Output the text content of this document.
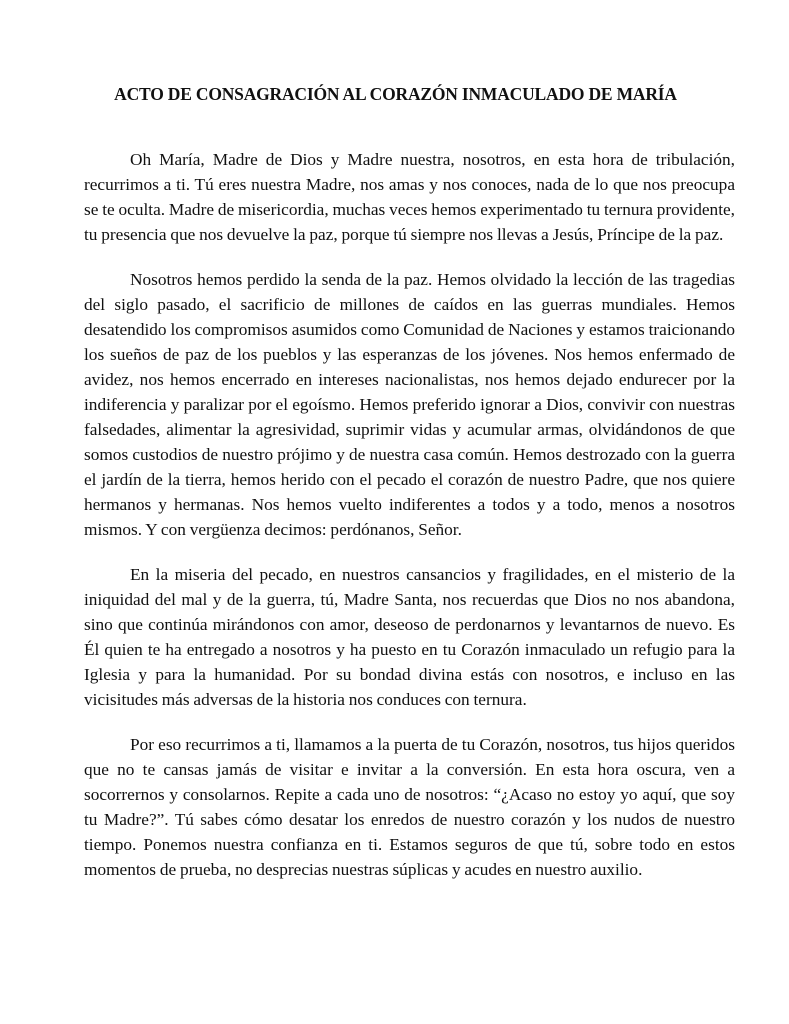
ACTO DE CONSAGRACIÓN AL CORAZÓN INMACULADO DE MARÍA

Oh María, Madre de Dios y Madre nuestra, nosotros, en esta hora de tribulación, recurrimos a ti. Tú eres nuestra Madre, nos amas y nos conoces, nada de lo que nos preocupa se te oculta. Madre de misericordia, muchas veces hemos experimentado tu ternura providente, tu presencia que nos devuelve la paz, porque tú siempre nos llevas a Jesús, Príncipe de la paz.

Nosotros hemos perdido la senda de la paz. Hemos olvidado la lección de las tragedias del siglo pasado, el sacrificio de millones de caídos en las guerras mundiales. Hemos desatendido los compromisos asumidos como Comunidad de Naciones y estamos traicionando los sueños de paz de los pueblos y las esperanzas de los jóvenes. Nos hemos enfermado de avidez, nos hemos encerrado en intereses nacionalistas, nos hemos dejado endurecer por la indiferencia y paralizar por el egoísmo. Hemos preferido ignorar a Dios, convivir con nuestras falsedades, alimentar la agresividad, suprimir vidas y acumular armas, olvidándonos de que somos custodios de nuestro prójimo y de nuestra casa común. Hemos destrozado con la guerra el jardín de la tierra, hemos herido con el pecado el corazón de nuestro Padre, que nos quiere hermanos y hermanas. Nos hemos vuelto indiferentes a todos y a todo, menos a nosotros mismos. Y con vergüenza decimos: perdónanos, Señor.

En la miseria del pecado, en nuestros cansancios y fragilidades, en el misterio de la iniquidad del mal y de la guerra, tú, Madre Santa, nos recuerdas que Dios no nos abandona, sino que continúa mirándonos con amor, deseoso de perdonarnos y levantarnos de nuevo. Es Él quien te ha entregado a nosotros y ha puesto en tu Corazón inmaculado un refugio para la Iglesia y para la humanidad. Por su bondad divina estás con nosotros, e incluso en las vicisitudes más adversas de la historia nos conduces con ternura.

Por eso recurrimos a ti, llamamos a la puerta de tu Corazón, nosotros, tus hijos queridos que no te cansas jamás de visitar e invitar a la conversión. En esta hora oscura, ven a socorrernos y consolarnos. Repite a cada uno de nosotros: “¿Acaso no estoy yo aquí, que soy tu Madre?”. Tú sabes cómo desatar los enredos de nuestro corazón y los nudos de nuestro tiempo. Ponemos nuestra confianza en ti. Estamos seguros de que tú, sobre todo en estos momentos de prueba, no desprecias nuestras súplicas y acudes en nuestro auxilio.
